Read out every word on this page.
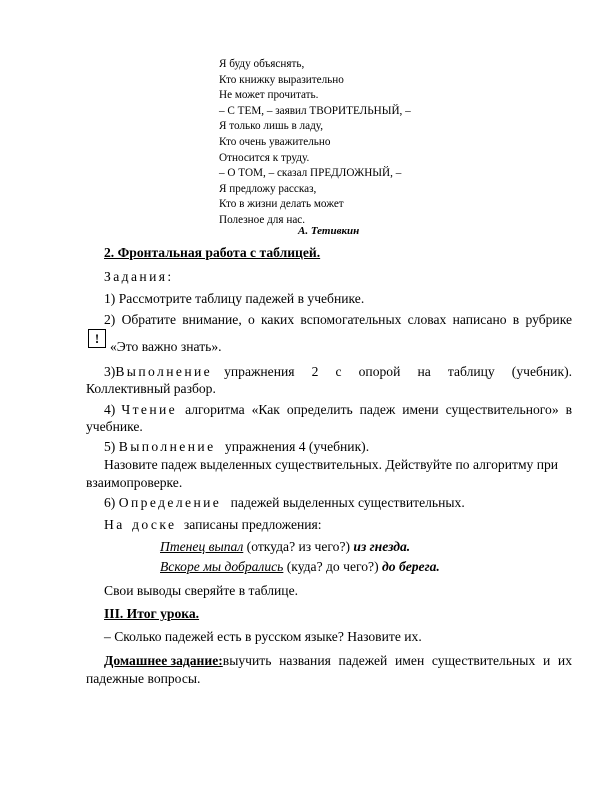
Я буду объяснять,
Кто книжку выразительно
Не может прочитать.
– С ТЕМ, – заявил ТВОРИТЕЛЬНЫЙ, –
Я только лишь в ладу,
Кто очень уважительно
Относится к труду.
– О ТОМ, – сказал ПРЕДЛОЖНЫЙ, –
Я предложу рассказ,
Кто в жизни делать может
Полезное для нас.
А. Тетивкин
2. Фронтальная работа с таблицей.
Задания:
1) Рассмотрите таблицу падежей в учебнике.
2) Обратите внимание, о каких вспомогательных словах написано в рубрике
!
«Это важно знать».
3) Выполнение упражнения 2 с опорой на таблицу (учебник).
Коллективный разбор.
4) Чтение алгоритма «Как определить падеж имени существительного» в
учебнике.
5) Выполнение упражнения 4 (учебник).
Назовите падеж выделенных существительных. Действуйте по алгоритму при
взаимопроверке.
6) Определение падежей выделенных существительных.
На доске записаны предложения:
Птенец выпал (откуда? из чего?) из гнезда.
Вскоре мы добрались (куда? до чего?) до берега.
Свои выводы сверяйте в таблице.
III. Итог урока.
– Сколько падежей есть в русском языке? Назовите их.
Домашнее задание: выучить названия падежей имен существительных и их
падежные вопросы.
